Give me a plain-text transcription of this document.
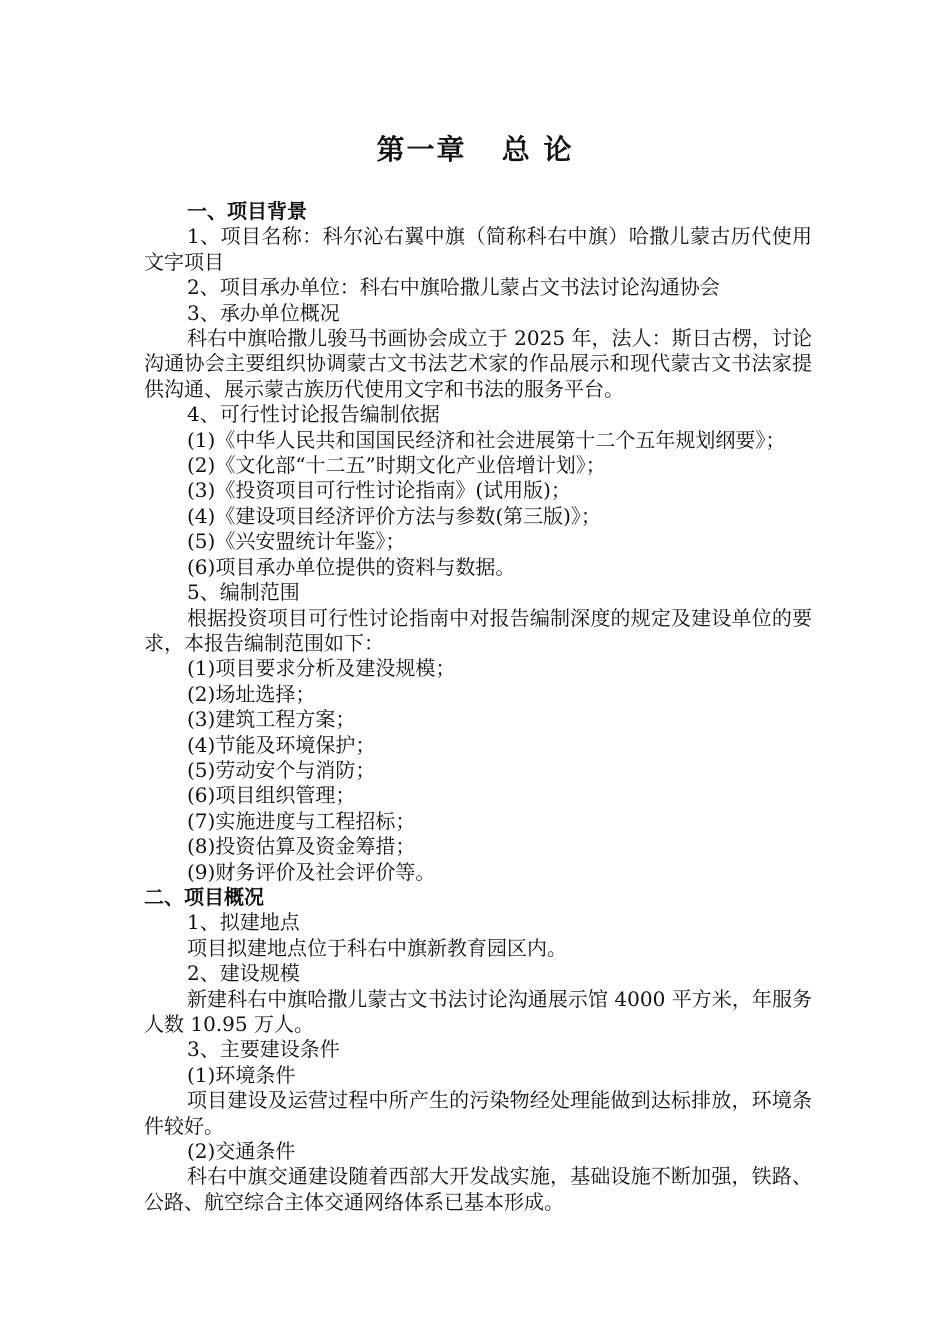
第一章   总 论

一、项目背景

1、项目名称：科尔沁右翼中旗（简称科右中旗）哈撒儿蒙古历代使用文字项目

2、项目承办单位：科右中旗哈撒儿蒙占文书法讨论沟通协会

3、承办单位概况

科右中旗哈撒儿骏马书画协会成立于 2025 年，法人：斯日古楞，讨论沟通协会主要组织协调蒙古文书法艺术家的作品展示和现代蒙古文书法家提供沟通、展示蒙古族历代使用文字和书法的服务平台。

4、可行性讨论报告编制依据

(1)《中华人民共和国国民经济和社会进展第十二个五年规划纲要》；

(2)《文化部“十二五”时期文化产业倍增计划》；

(3)《投资项目可行性讨论指南》(试用版)；

(4)《建设项目经济评价方法与参数(第三版)》；

(5)《兴安盟统计年鉴》；

(6)项目承办单位提供的资料与数据。

5、编制范围

根据投资项目可行性讨论指南中对报告编制深度的规定及建设单位的要求，本报告编制范围如下：

(1)项目要求分析及建没规模；

(2)场址选择；

(3)建筑工程方案；

(4)节能及环境保护；

(5)劳动安个与消防；

(6)项目组织管理；

(7)实施进度与工程招标；

(8)投资估算及资金筹措；

(9)财务评价及社会评价等。

二、项目概况

1、拟建地点

项目拟建地点位于科右中旗新教育园区内。

2、建设规模

新建科右中旗哈撒儿蒙古文书法讨论沟通展示馆 4000 平方米，年服务人数 10.95 万人。

3、主要建设条件

(1)环境条件

项目建设及运营过程中所产生的污染物经处理能做到达标排放，环境条件较好。

(2)交通条件

科右中旗交通建设随着西部大开发战实施，基础设施不断加强，铁路、公路、航空综合主体交通网络体系已基本形成。
